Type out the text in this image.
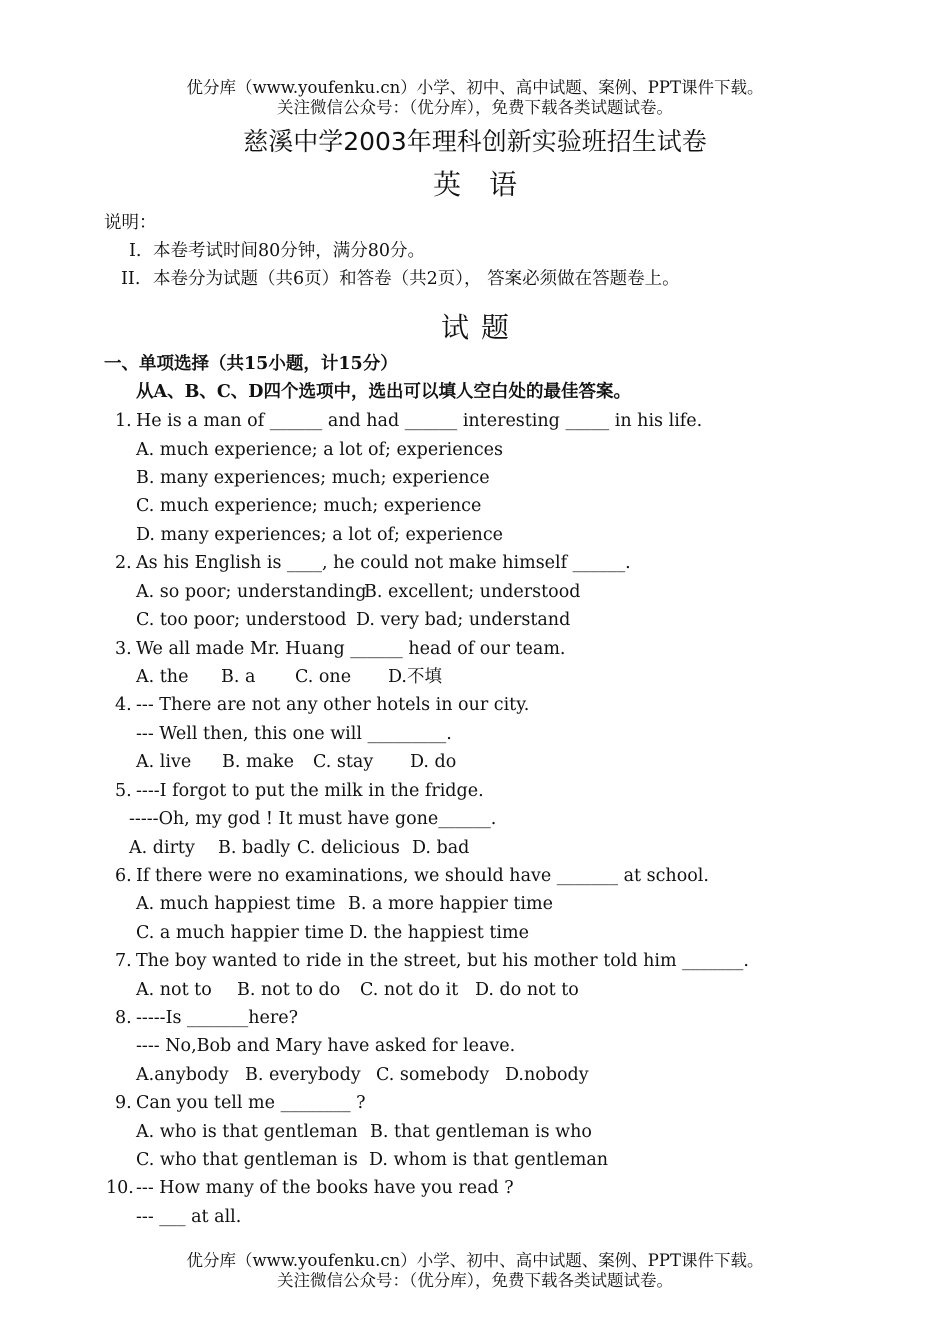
优分库（www.youfenku.cn）小学、初中、高中试题、案例、PPT课件下载。
关注微信公众号：（优分库），免费下载各类试题试卷。
慈溪中学2003年理科创新实验班招生试卷
英语
说明：
I. 本卷考试时间80分钟，满分80分。
II. 本卷分为试题（共6页）和答卷（共2页）， 答案必须做在答题卷上。
试题
一、单项选择（共15小题，计15分）
从A、B、C、D四个选项中，选出可以填人空白处的最佳答案。
1. He is a man of ______ and had ______ interesting _____ in his life.
A. much experience; a lot of; experiences
B. many experiences; much; experience
C. much experience; much; experience
D. many experiences; a lot of; experience
2. As his English is ____, he could not make himself ______.
A. so poor; understanding
B. excellent; understood
C. too poor; understood D. very bad; understand
3. We all made Mr. Huang ______ head of our team.
A. the B. a C. one D.不填
4. --- There are not any other hotels in our city.
--- Well then, this one will _________.
A. live B. make C. stay D. do
5. ----I forgot to put the milk in the fridge.
-----Oh, my god ! It must have gone______.
A. dirty B. badly C. delicious D. bad
6. If there were no examinations, we should have _______ at school.
A. much happiest time B. a more happier time
C. a much happier time D. the happiest time
7. The boy wanted to ride in the street, but his mother told him _______.
A. not to B. not to do C. not do it D. do not to
8. -----Is _______here?
---- No,Bob and Mary have asked for leave.
A.anybody B. everybody C. somebody D.nobody
9. Can you tell me ________ ?
A. who is that gentleman B. that gentleman is who
C. who that gentleman is D. whom is that gentleman
10. --- How many of the books have you read ?
--- ___ at all.
优分库（www.youfenku.cn）小学、初中、高中试题、案例、PPT课件下载。
关注微信公众号：（优分库），免费下载各类试题试卷。
